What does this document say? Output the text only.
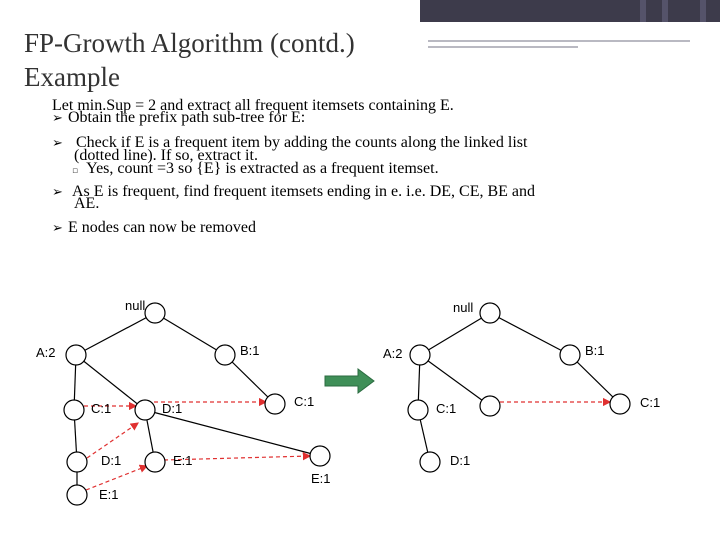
FP-Growth Algorithm (contd.)
Example
Let min.Sup = 2 and extract all frequent itemsets containing E.
➢ Obtain the prefix path sub-tree for E:
➢ Check if E is a frequent item by adding the counts along the linked list
(dotted line). If so, extract it.
▫ Yes, count =3 so {E} is extracted as a frequent itemset.
➢ As E is frequent, find frequent itemsets ending in e. i.e. DE, CE, BE and
AE.
➢ E nodes can now be removed
null
A:2	B:1
C:1	D:1	C:1
D:1	E:1
E:1
E:1
null
A:2	B:1
C:1	C:1
D:1
